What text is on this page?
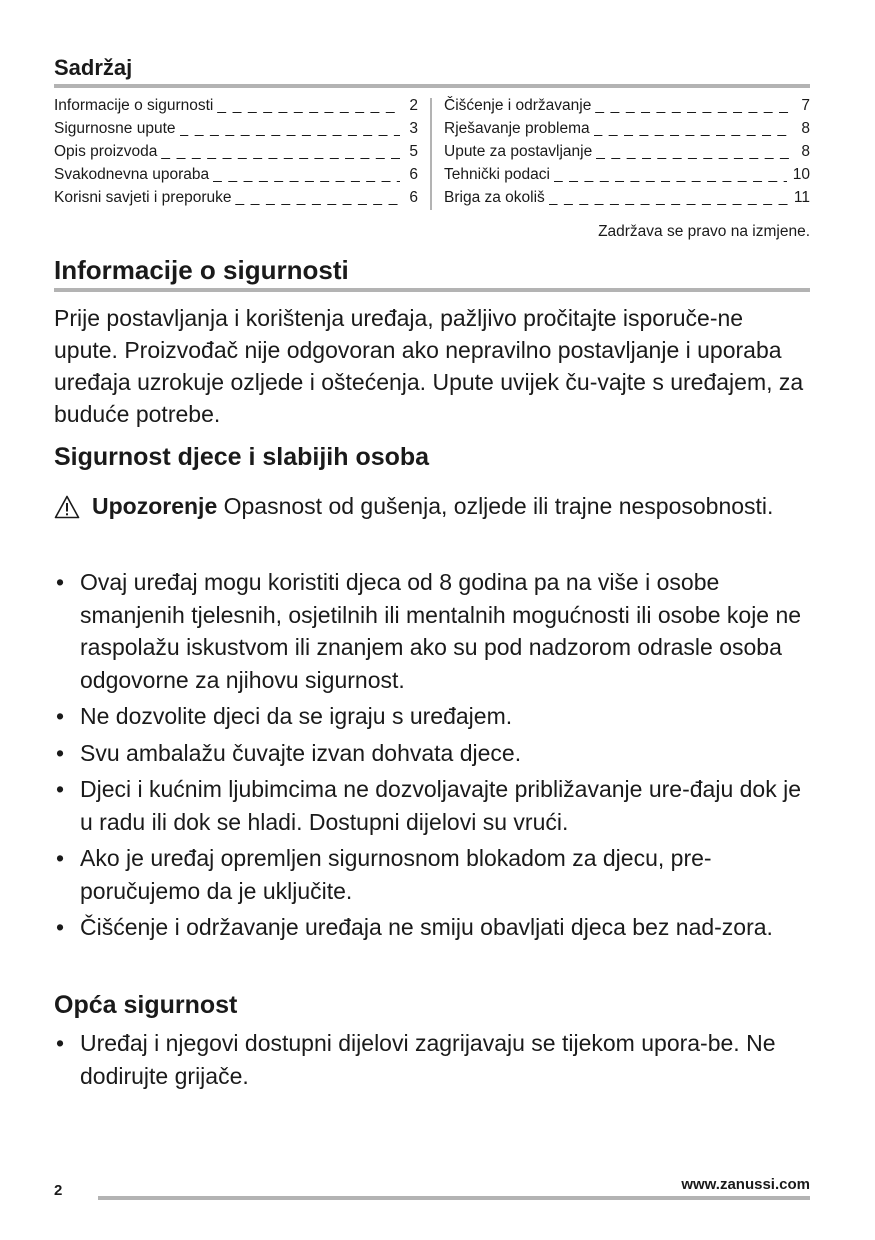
Sadržaj
Informacije o sigurnosti _ _ _	2
Sigurnosne upute _ _ _	3
Opis proizvoda _ _ _	5
Svakodnevna uporaba _ _ _	6
Korisni savjeti i preporuke _ _ _	6
Čišćenje i održavanje _ _ _	7
Rješavanje problema _ _ _	8
Upute za postavljanje _ _ _	8
Tehnički podaci _ _ _	10
Briga za okoliš _ _ _	11
Zadržava se pravo na izmjene.
Informacije o sigurnosti

Prije postavljanja i korištenja uređaja, pažljivo pročitajte isporuče-ne upute. Proizvođač nije odgovoran ako nepravilno postavljanje i uporaba uređaja uzrokuje ozljede i oštećenja. Upute uvijek ču-vajte s uređajem, za buduće potrebe.

Sigurnost djece i slabijih osoba
Upozorenje Opasnost od gušenja, ozljede ili trajne nesposobnosti.
• Ovaj uređaj mogu koristiti djeca od 8 godina pa na više i osobe smanjenih tjelesnih, osjetilnih ili mentalnih mogućnosti ili osobe koje ne raspolažu iskustvom ili znanjem ako su pod nadzorom odrasle osoba odgovorne za njihovu sigurnost.
• Ne dozvolite djeci da se igraju s uređajem.
• Svu ambalažu čuvajte izvan dohvata djece.
• Djeci i kućnim ljubimcima ne dozvoljavajte približavanje ure-đaju dok je u radu ili dok se hladi. Dostupni dijelovi su vrući.
• Ako je uređaj opremljen sigurnosnom blokadom za djecu, pre-poručujemo da je uključite.
• Čišćenje i održavanje uređaja ne smiju obavljati djeca bez nad-zora.
Opća sigurnost
• Uređaj i njegovi dostupni dijelovi zagrijavaju se tijekom upora-be. Ne dodirujte grijače.
2	www.zanussi.com
